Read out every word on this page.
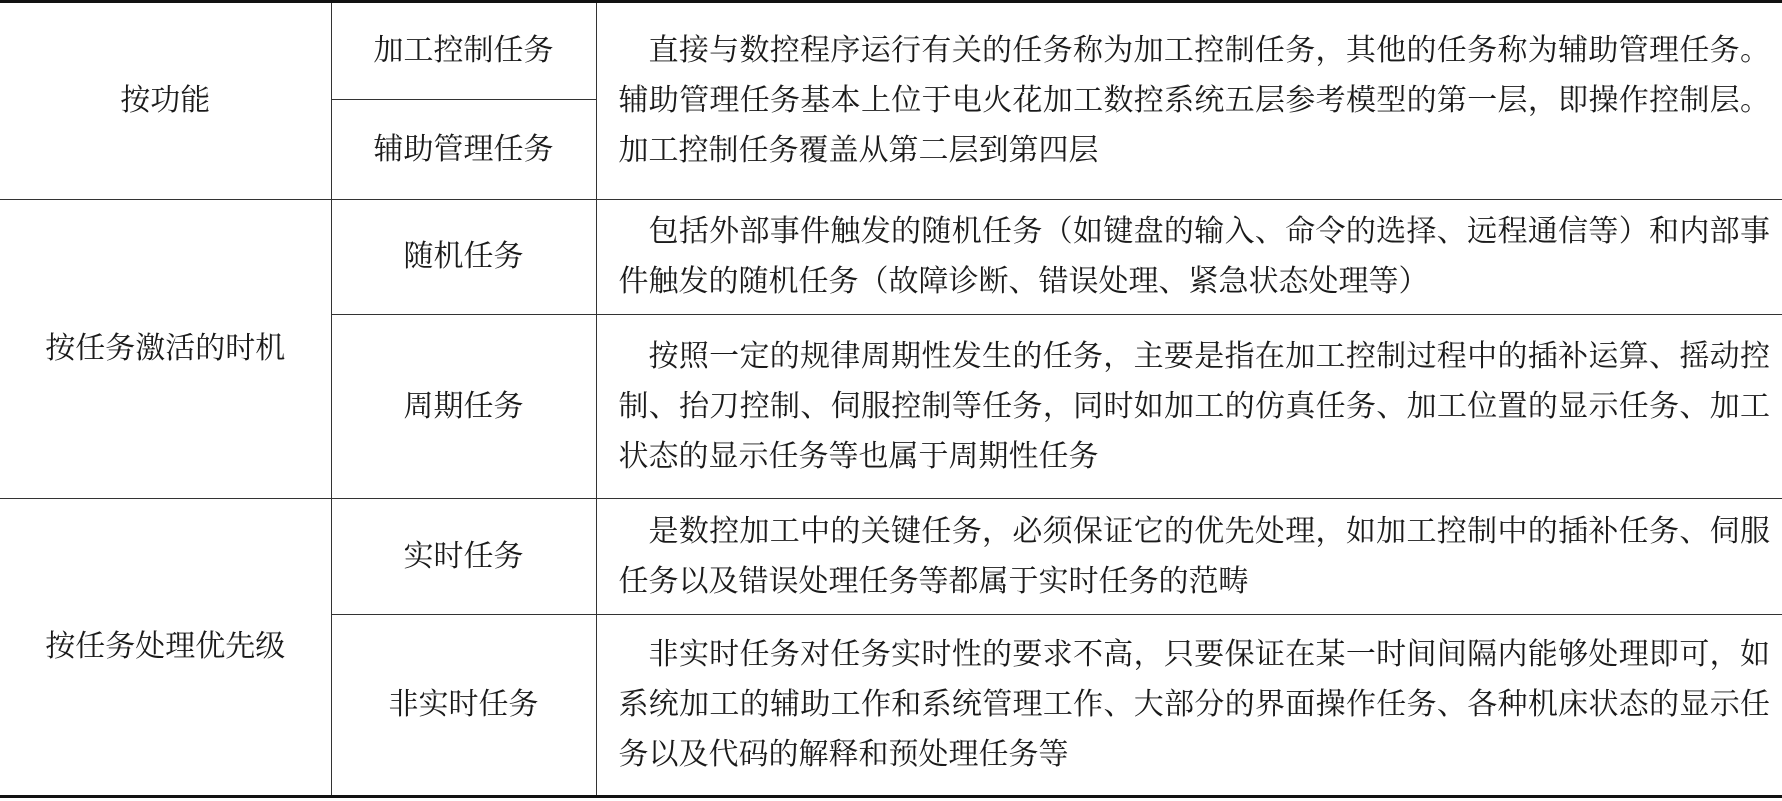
按功能	加工控制任务	直接与数控程序运行有关的任务称为加工控制任务，其他的任务称为辅助管理任务。辅助管理任务基本上位于电火花加工数控系统五层参考模型的第一层，即操作控制层。加工控制任务覆盖从第二层到第四层

	辅助管理任务	
按任务激活的时机	随机任务	包括外部事件触发的随机任务（如键盘的输入、命令的选择、远程通信等）和内部事件触发的随机任务（故障诊断、错误处理、紧急状态处理等）

	周期任务	按照一定的规律周期性发生的任务，主要是指在加工控制过程中的插补运算、摇动控制、抬刀控制、伺服控制等任务，同时如加工的仿真任务、加工位置的显示任务、加工状态的显示任务等也属于周期性任务

按任务处理优先级	实时任务	是数控加工中的关键任务，必须保证它的优先处理，如加工控制中的插补任务、伺服任务以及错误处理任务等都属于实时任务的范畴

	非实时任务	非实时任务对任务实时性的要求不高，只要保证在某一时间间隔内能够处理即可，如系统加工的辅助工作和系统管理工作、大部分的界面操作任务、各种机床状态的显示任务以及代码的解释和预处理任务等
